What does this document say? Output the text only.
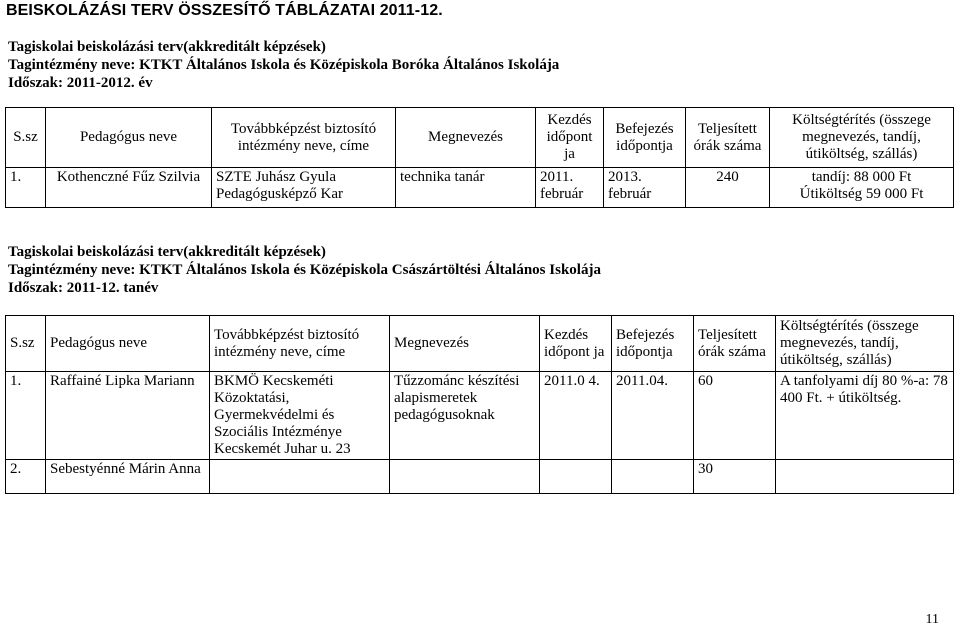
BEISKOLÁZÁSI TERV ÖSSZESÍTŐ TÁBLÁZATAI 2011-12.
Tagiskolai beiskolázási terv(akkreditált képzések)
Tagintézmény neve: KTKT Általános Iskola és Középiskola Boróka Általános Iskolája
Időszak: 2011-2012. év
S.sz	Pedagógus neve	Továbbképzést biztosító intézmény neve, címe	Megnevezés	Kezdés időpont ja	Befejezés időpontja	Teljesített órák száma	Költségtérítés (összege megnevezés, tandíj, útiköltség, szállás)
1.	Kothenczné Fűz Szilvia	SZTE Juhász Gyula Pedagógusképző Kar	technika tanár	2011. február	2013. február	240	tandíj: 88 000 Ft
Útiköltség 59 000 Ft
Tagiskolai beiskolázási terv(akkreditált képzések)
Tagintézmény neve: KTKT Általános Iskola és Középiskola Császártöltési Általános Iskolája
Időszak: 2011-12. tanév
S.sz	Pedagógus neve	Továbbképzést biztosító intézmény neve, címe	Megnevezés	Kezdés időpont ja	Befejezés időpontja	Teljesített órák száma	Költségtérítés (összege megnevezés, tandíj, útiköltség, szállás)
1.	Raffainé Lipka Mariann	BKMÖ Kecskeméti Közoktatási, Gyermekvédelmi és Szociális Intézménye Kecskemét Juhar u. 23	Tűzzománc készítési alapismeretek pedagógusoknak	2011.0 4.	2011.04.	60	A tanfolyami díj 80 %-a: 78 400 Ft. + útiköltség.
2.	Sebestyénné Márin Anna					30	
11
